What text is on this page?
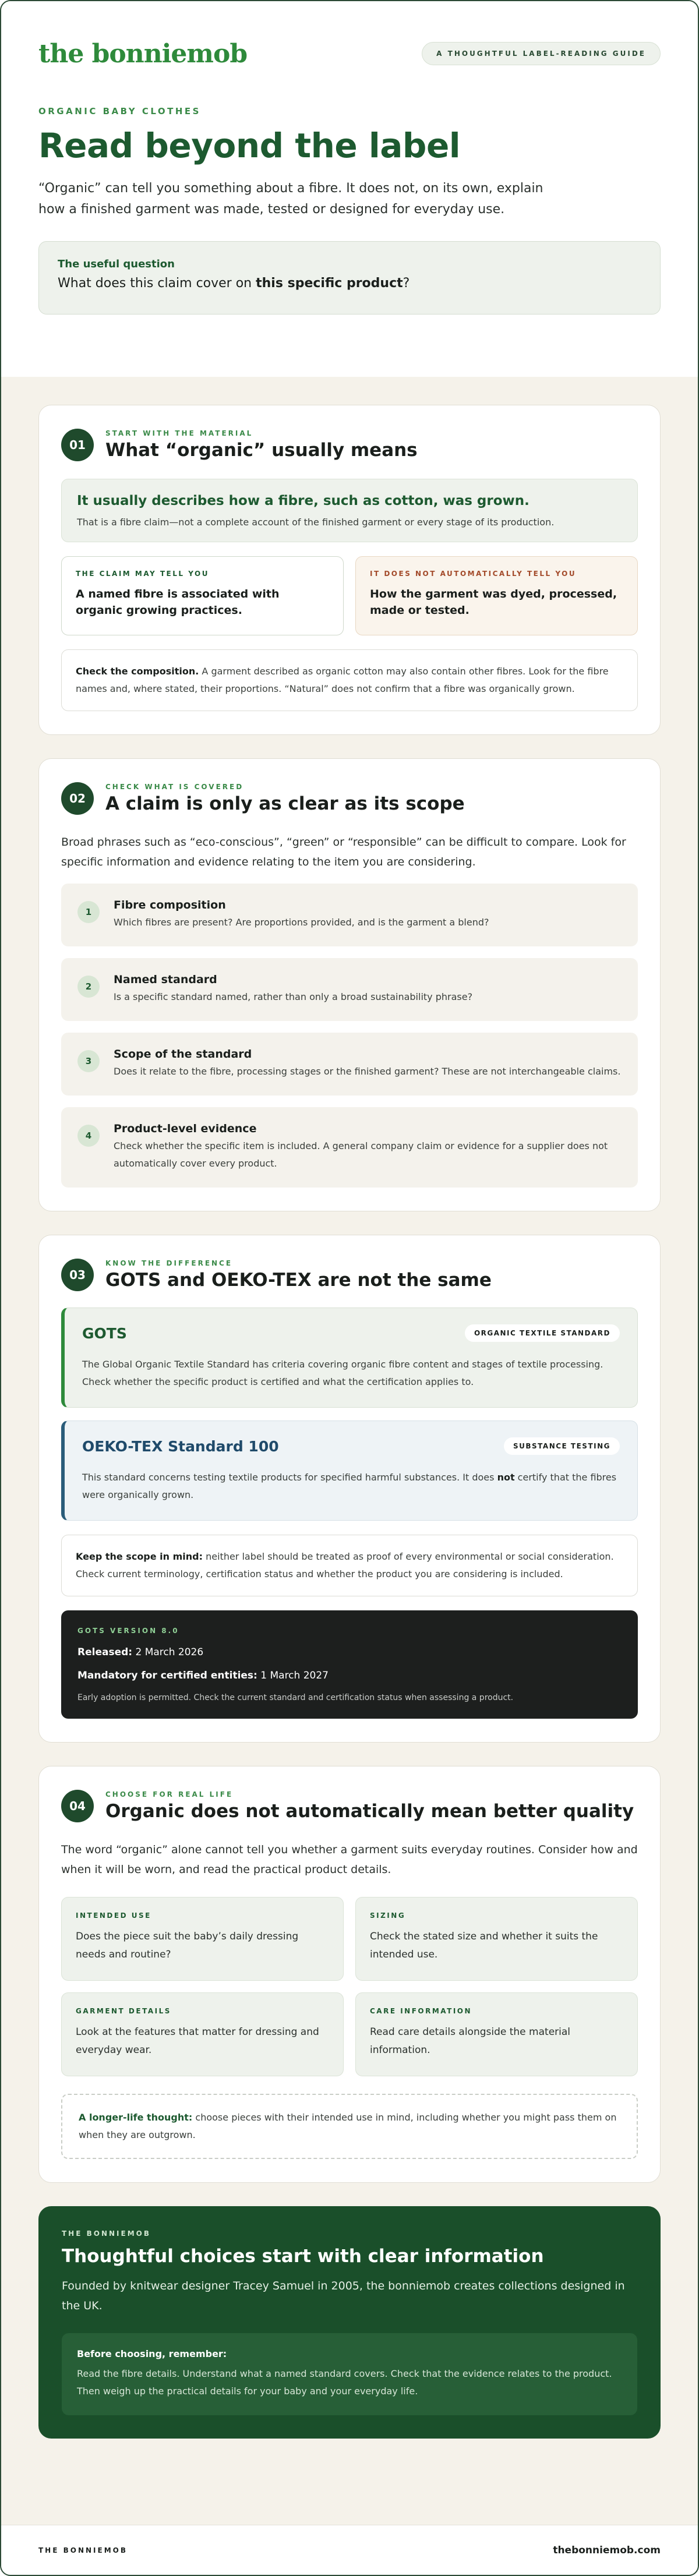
the bonniemob	A THOUGHTFUL LABEL-READING GUIDE
ORGANIC BABY CLOTHES
Read beyond the label

“Organic” can tell you something about a fibre. It does not, on its own, explain how a finished garment was made, tested or designed for everyday use.

The useful question
What does this claim cover on this specific product?
01
START WITH THE MATERIAL
What “organic” usually means
It usually describes how a fibre, such as cotton, was grown.
That is a fibre claim—not a complete account of the finished garment or every stage of its production.
THE CLAIM MAY TELL YOU
A named fibre is associated with organic growing practices.
IT DOES NOT AUTOMATICALLY TELL YOU
How the garment was dyed, processed, made or tested.
Check the composition. A garment described as organic cotton may also contain other fibres. Look for the fibre names and, where stated, their proportions. “Natural” does not confirm that a fibre was organically grown.
02
CHECK WHAT IS COVERED
A claim is only as clear as its scope

Broad phrases such as “eco-conscious”, “green” or “responsible” can be difficult to compare. Look for specific information and evidence relating to the item you are considering.

1
Fibre composition
Which fibres are present? Are proportions provided, and is the garment a blend?
2
Named standard
Is a specific standard named, rather than only a broad sustainability phrase?
3
Scope of the standard
Does it relate to the fibre, processing stages or the finished garment? These are not interchangeable claims.
4
Product-level evidence
Check whether the specific item is included. A general company claim or evidence for a supplier does not automatically cover every product.
03
KNOW THE DIFFERENCE
GOTS and OEKO-TEX are not the same
GOTS	ORGANIC TEXTILE STANDARD
The Global Organic Textile Standard has criteria covering organic fibre content and stages of textile processing. Check whether the specific product is certified and what the certification applies to.
OEKO-TEX Standard 100	SUBSTANCE TESTING
This standard concerns testing textile products for specified harmful substances. It does not certify that the fibres were organically grown.
Keep the scope in mind: neither label should be treated as proof of every environmental or social consideration. Check current terminology, certification status and whether the product you are considering is included.
GOTS VERSION 8.0
Released: 2 March 2026
Mandatory for certified entities: 1 March 2027
Early adoption is permitted. Check the current standard and certification status when assessing a product.
04
CHOOSE FOR REAL LIFE
Organic does not automatically mean better quality

The word “organic” alone cannot tell you whether a garment suits everyday routines. Consider how and when it will be worn, and read the practical product details.

INTENDED USE
Does the piece suit the baby’s daily dressing needs and routine?
SIZING
Check the stated size and whether it suits the intended use.
GARMENT DETAILS
Look at the features that matter for dressing and everyday wear.
CARE INFORMATION
Read care details alongside the material information.
A longer-life thought: choose pieces with their intended use in mind, including whether you might pass them on when they are outgrown.
THE BONNIEMOB
Thoughtful choices start with clear information
Founded by knitwear designer Tracey Samuel in 2005, the bonniemob creates collections designed in the UK.
Before choosing, remember:
Read the fibre details. Understand what a named standard covers. Check that the evidence relates to the product. Then weigh up the practical details for your baby and your everyday life.
THE BONNIEMOB	thebonniemob.com
